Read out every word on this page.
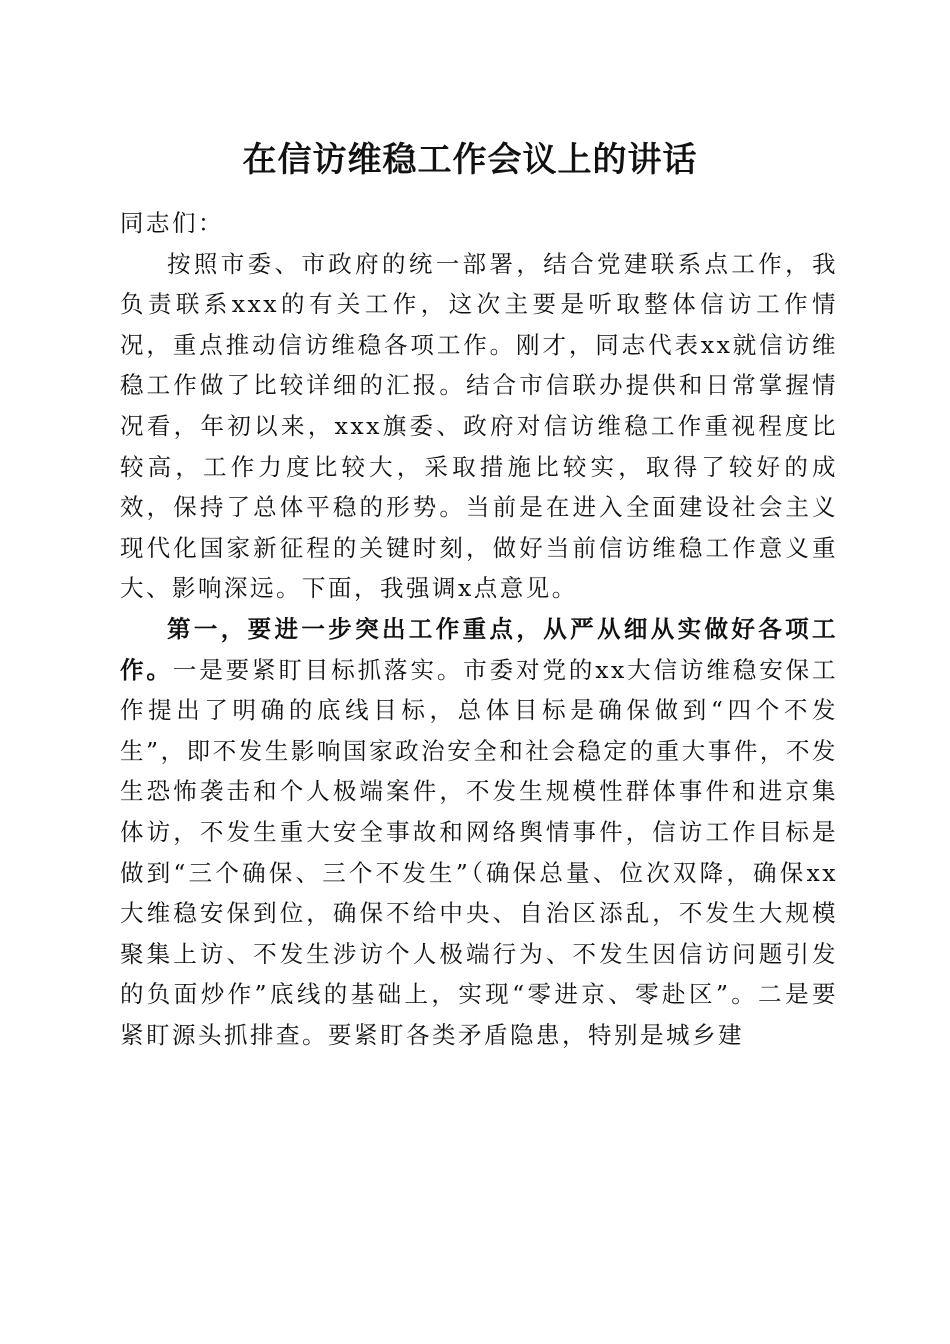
在信访维稳工作会议上的讲话

同志们：

按照市委、市政府的统一部署，结合党建联系点工作，我负责联系xxx的有关工作，这次主要是听取整体信访工作情况，重点推动信访维稳各项工作。刚才，同志代表xx就信访维稳工作做了比较详细的汇报。结合市信联办提供和日常掌握情况看，年初以来，xxx旗委、政府对信访维稳工作重视程度比较高，工作力度比较大，采取措施比较实，取得了较好的成效，保持了总体平稳的形势。当前是在进入全面建设社会主义现代化国家新征程的关键时刻，做好当前信访维稳工作意义重大、影响深远。下面，我强调x点意见。

第一，要进一步突出工作重点，从严从细从实做好各项工作。一是要紧盯目标抓落实。市委对党的xx大信访维稳安保工作提出了明确的底线目标，总体目标是确保做到“四个不发生”，即不发生影响国家政治安全和社会稳定的重大事件，不发生恐怖袭击和个人极端案件，不发生规模性群体事件和进京集体访，不发生重大安全事故和网络舆情事件，信访工作目标是做到“三个确保、三个不发生”（确保总量、位次双降，确保xx大维稳安保到位，确保不给中央、自治区添乱，不发生大规模聚集上访、不发生涉访个人极端行为、不发生因信访问题引发的负面炒作”底线的基础上，实现“零进京、零赴区”。二是要紧盯源头抓排查。要紧盯各类矛盾隐患，特别是城乡建
